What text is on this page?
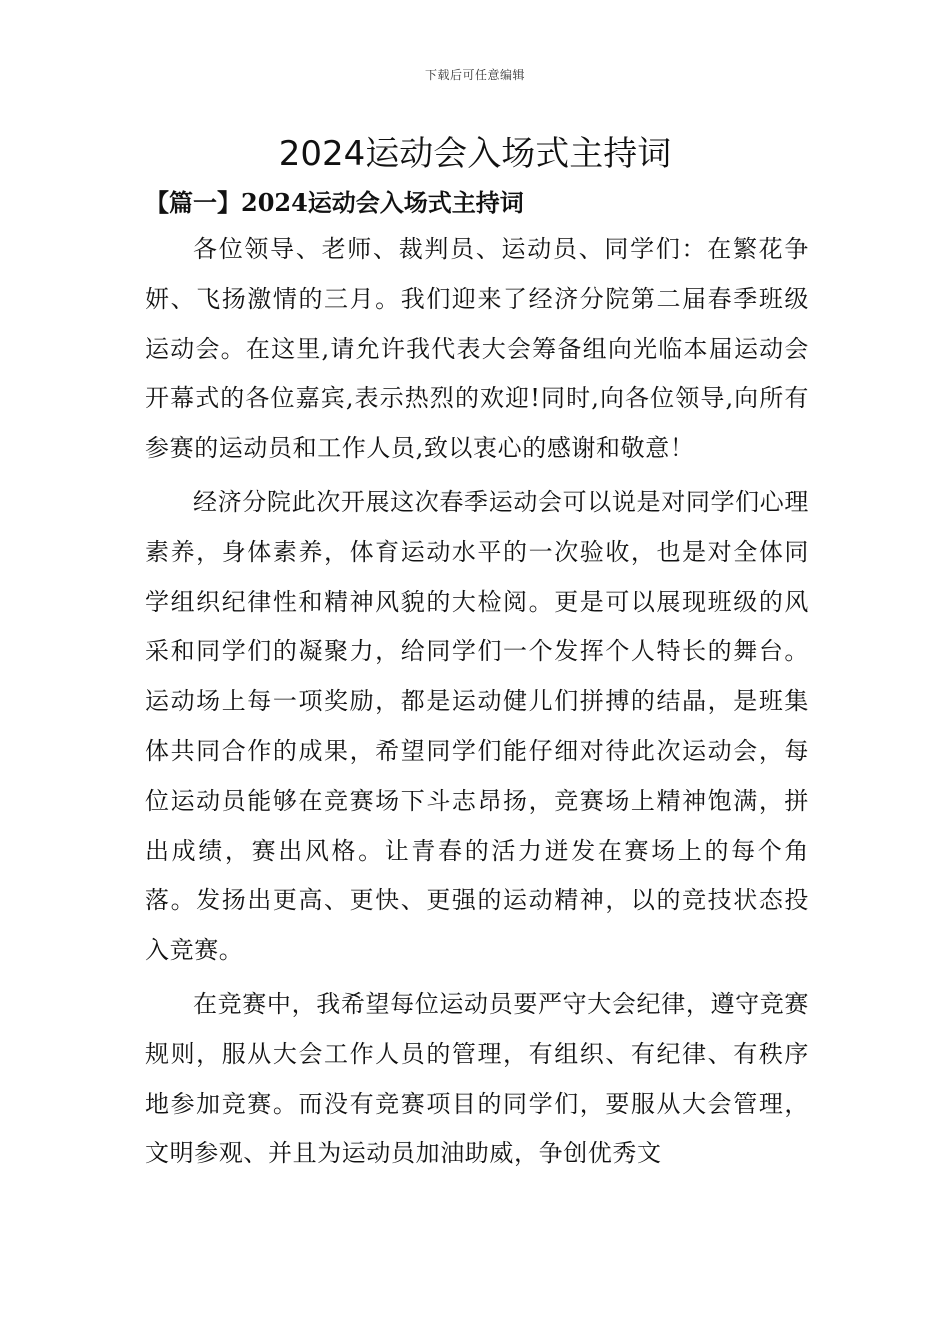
下载后可任意编辑
2024运动会入场式主持词
【篇一】2024运动会入场式主持词

各位领导、老师、裁判员、运动员、同学们：在繁花争妍、飞扬激情的三月。我们迎来了经济分院第二届春季班级运动会。在这里,请允许我代表大会筹备组向光临本届运动会开幕式的各位嘉宾,表示热烈的欢迎!同时,向各位领导,向所有参赛的运动员和工作人员,致以衷心的感谢和敬意！

经济分院此次开展这次春季运动会可以说是对同学们心理素养，身体素养，体育运动水平的一次验收，也是对全体同学组织纪律性和精神风貌的大检阅。更是可以展现班级的风采和同学们的凝聚力，给同学们一个发挥个人特长的舞台。运动场上每一项奖励，都是运动健儿们拼搏的结晶，是班集体共同合作的成果，希望同学们能仔细对待此次运动会，每位运动员能够在竞赛场下斗志昂扬，竞赛场上精神饱满，拼出成绩，赛出风格。让青春的活力迸发在赛场上的每个角落。发扬出更高、更快、更强的运动精神，以的竞技状态投入竞赛。

在竞赛中，我希望每位运动员要严守大会纪律，遵守竞赛规则，服从大会工作人员的管理，有组织、有纪律、有秩序地参加竞赛。而没有竞赛项目的同学们，要服从大会管理，文明参观、并且为运动员加油助威，争创优秀文
